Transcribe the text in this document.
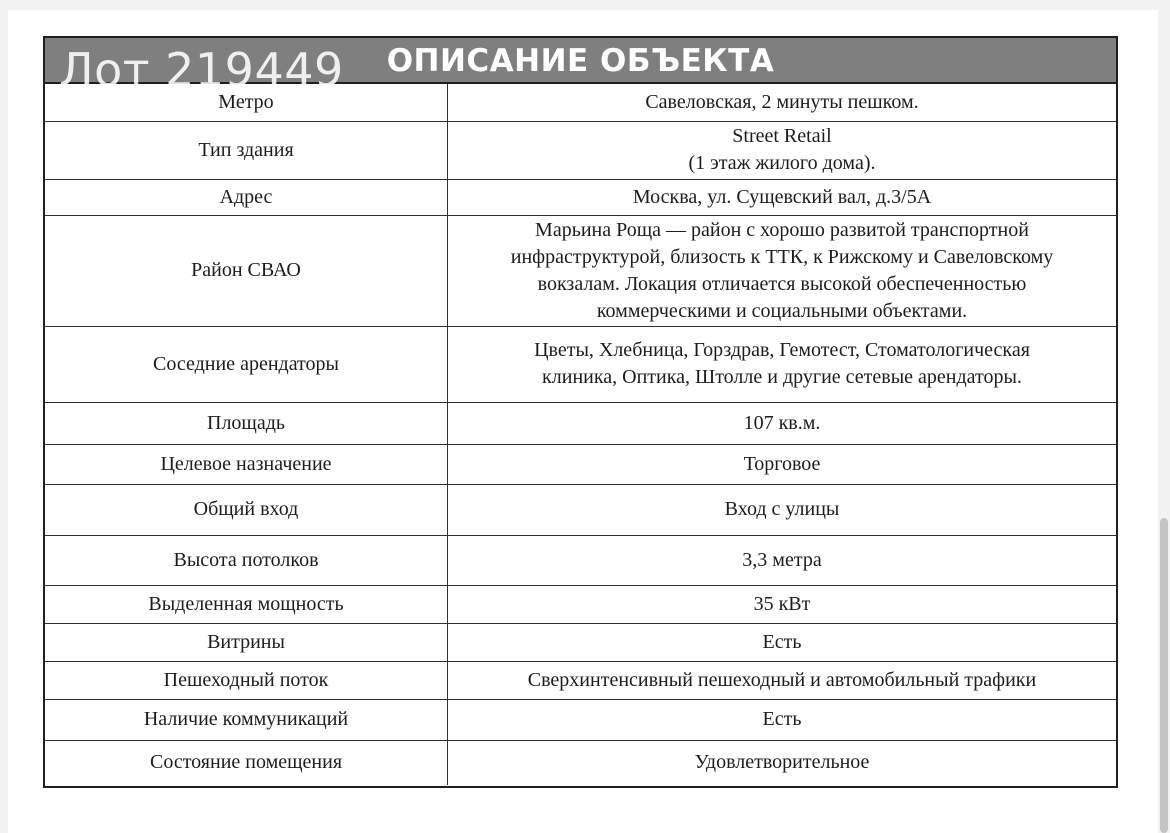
ОПИСАНИЕ ОБЪЕКТА
Лот 219449
Метро	Савеловская, 2 минуты пешком.

Тип здания	Street Retail
(1 этаж жилого дома).

Адрес	Москва, ул. Сущевский вал, д.3/5А

Район СВАО	Марьина Роща — район с хорошо развитой транспортной
инфраструктурой, близость к ТТК, к Рижскому и Савеловскому
вокзалам. Локация отличается высокой обеспеченностью
коммерческими и социальными объектами.

Соседние арендаторы	Цветы, Хлебница, Горздрав, Гемотест, Стоматологическая
клиника, Оптика, Штолле и другие сетевые арендаторы.

Площадь	107 кв.м.

Целевое назначение	Торговое

Общий вход	Вход с улицы

Высота потолков	3,3 метра

Выделенная мощность	35 кВт

Витрины	Есть

Пешеходный поток	Сверхинтенсивный пешеходный и автомобильный трафики

Наличие коммуникаций	Есть

Состояние помещения	Удовлетворительное
